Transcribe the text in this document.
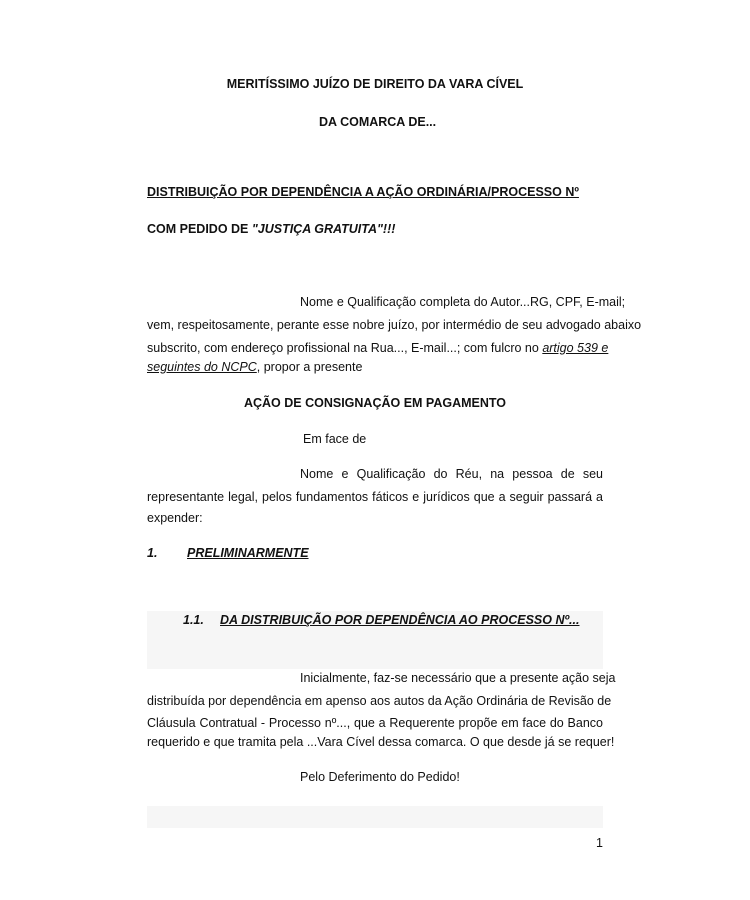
MERITÍSSIMO JUÍZO DE DIREITO DA VARA CÍVEL
DA COMARCA DE...
DISTRIBUIÇÃO POR DEPENDÊNCIA A AÇÃO ORDINÁRIA/PROCESSO Nº
COM PEDIDO DE "JUSTIÇA GRATUITA"!!!
Nome e Qualificação completa do Autor...RG, CPF, E-mail;
vem, respeitosamente, perante esse nobre juízo, por intermédio de seu advogado abaixo
subscrito, com endereço profissional na Rua..., E-mail...; com fulcro no artigo 539 e
seguintes do NCPC, propor a presente
AÇÃO DE CONSIGNAÇÃO EM PAGAMENTO
Em face de
Nome e Qualificação do Réu, na pessoa de seu
representante legal, pelos fundamentos fáticos e jurídicos que a seguir passará a
expender:
1. PRELIMINARMENTE
1.1. DA DISTRIBUIÇÃO POR DEPENDÊNCIA AO PROCESSO Nº...
Inicialmente, faz-se necessário que a presente ação seja
distribuída por dependência em apenso aos autos da Ação Ordinária de Revisão de
Cláusula Contratual - Processo nº..., que a Requerente propõe em face do Banco
requerido e que tramita pela ...Vara Cível dessa comarca. O que desde já se requer!
Pelo Deferimento do Pedido!
1
